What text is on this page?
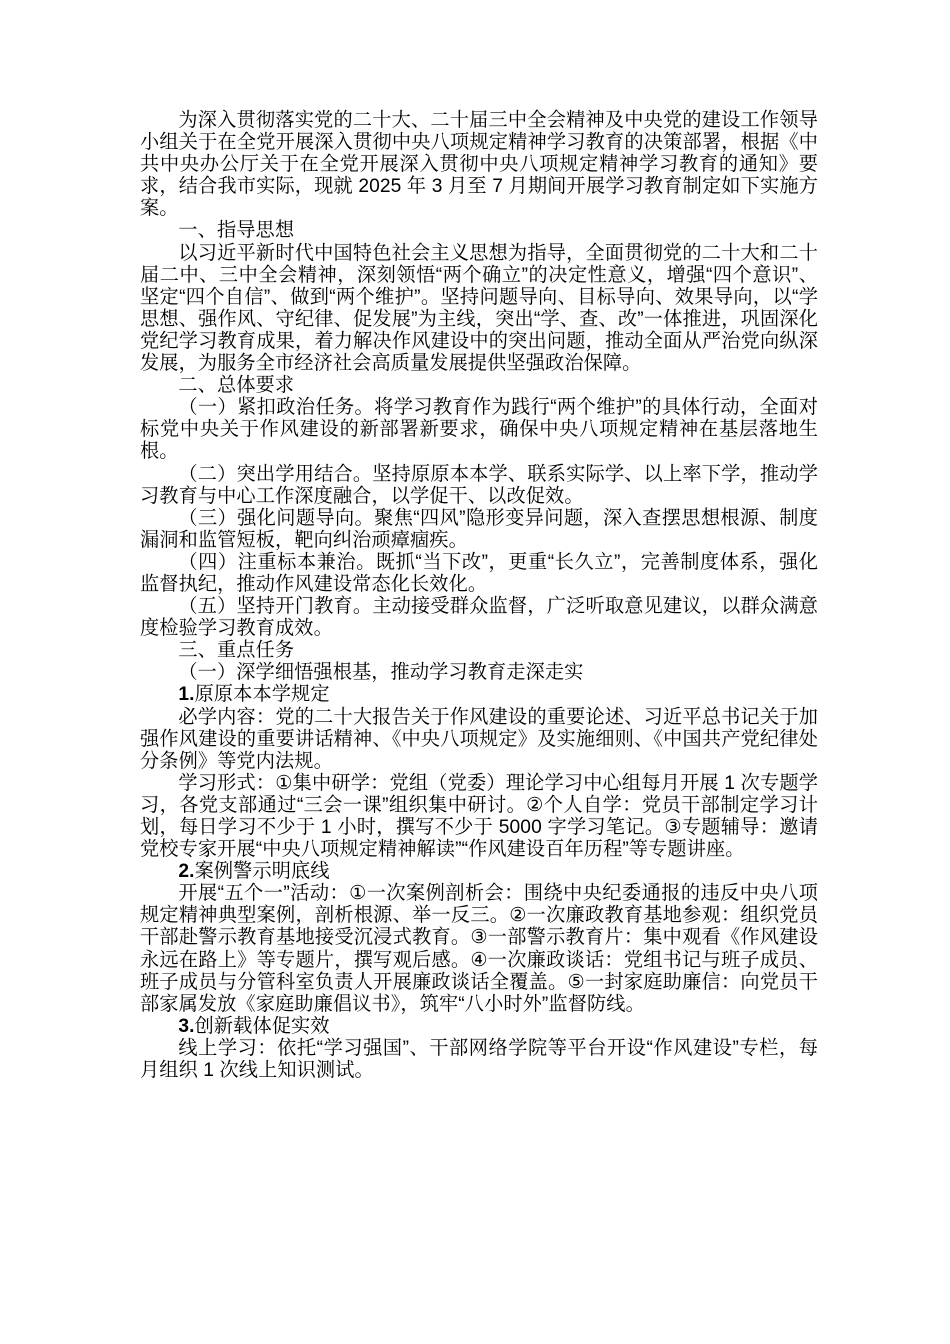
为深入贯彻落实党的二十大、二十届三中全会精神及中央党的建设工作领导小组关于在全党开展深入贯彻中央八项规定精神学习教育的决策部署，根据《中共中央办公厅关于在全党开展深入贯彻中央八项规定精神学习教育的通知》要求，结合我市实际，现就 2025 年 3 月至 7 月期间开展学习教育制定如下实施方案。

一、指导思想

以习近平新时代中国特色社会主义思想为指导，全面贯彻党的二十大和二十届二中、三中全会精神，深刻领悟“两个确立”的决定性意义，增强“四个意识”、坚定“四个自信”、做到“两个维护”。坚持问题导向、目标导向、效果导向，以“学思想、强作风、守纪律、促发展”为主线，突出“学、查、改”一体推进，巩固深化党纪学习教育成果，着力解决作风建设中的突出问题，推动全面从严治党向纵深发展，为服务全市经济社会高质量发展提供坚强政治保障。

二、总体要求

（一）紧扣政治任务。将学习教育作为践行“两个维护”的具体行动，全面对标党中央关于作风建设的新部署新要求，确保中央八项规定精神在基层落地生根。

（二）突出学用结合。坚持原原本本学、联系实际学、以上率下学，推动学习教育与中心工作深度融合，以学促干、以改促效。

（三）强化问题导向。聚焦“四风”隐形变异问题，深入查摆思想根源、制度漏洞和监管短板，靶向纠治顽瘴痼疾。

（四）注重标本兼治。既抓“当下改”，更重“长久立”，完善制度体系，强化监督执纪，推动作风建设常态化长效化。

（五）坚持开门教育。主动接受群众监督，广泛听取意见建议，以群众满意度检验学习教育成效。

三、重点任务

（一）深学细悟强根基，推动学习教育走深走实

1.原原本本学规定

必学内容：党的二十大报告关于作风建设的重要论述、习近平总书记关于加强作风建设的重要讲话精神、《中央八项规定》及实施细则、《中国共产党纪律处分条例》等党内法规。

学习形式：①集中研学：党组（党委）理论学习中心组每月开展 1 次专题学习，各党支部通过“三会一课”组织集中研讨。②个人自学：党员干部制定学习计划，每日学习不少于 1 小时，撰写不少于 5000 字学习笔记。③专题辅导：邀请党校专家开展“中央八项规定精神解读”“作风建设百年历程”等专题讲座。

2.案例警示明底线

开展“五个一”活动：①一次案例剖析会：围绕中央纪委通报的违反中央八项规定精神典型案例，剖析根源、举一反三。②一次廉政教育基地参观：组织党员干部赴警示教育基地接受沉浸式教育。③一部警示教育片：集中观看《作风建设永远在路上》等专题片，撰写观后感。④一次廉政谈话：党组书记与班子成员、班子成员与分管科室负责人开展廉政谈话全覆盖。⑤一封家庭助廉信：向党员干部家属发放《家庭助廉倡议书》，筑牢“八小时外”监督防线。

3.创新载体促实效

线上学习：依托“学习强国”、干部网络学院等平台开设“作风建设”专栏，每月组织 1 次线上知识测试。
